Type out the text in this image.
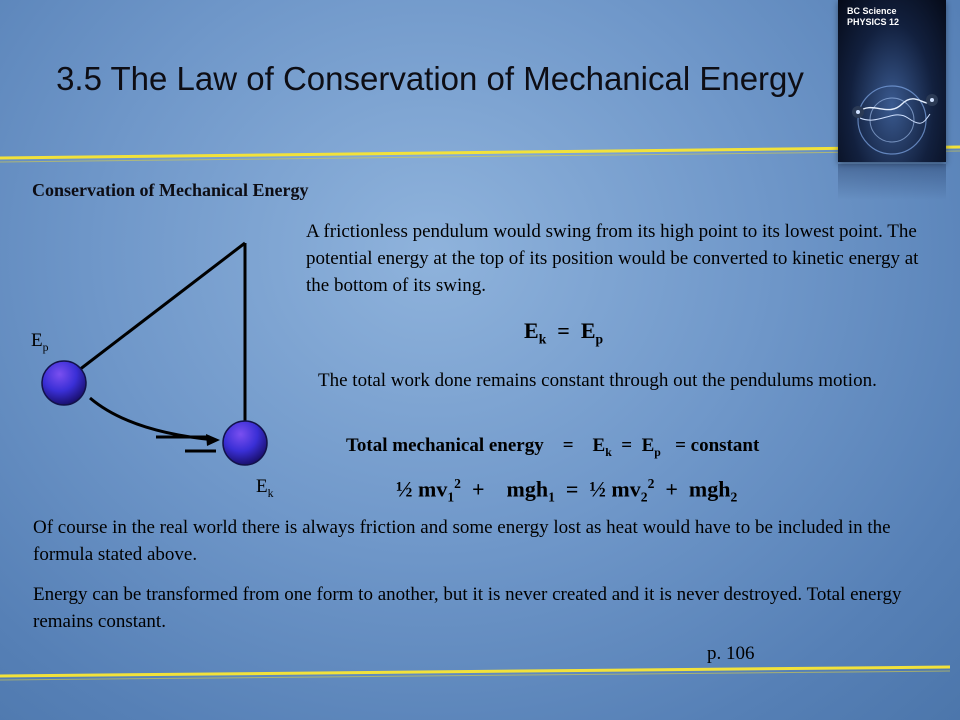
3.5 The Law of Conservation of Mechanical Energy
BC Science
PHYSICS 12
Conservation of Mechanical Energy
$E_p$
$E_k$
A frictionless pendulum would swing from its high point to its lowest point. The potential energy at the top of its position would be converted to kinetic energy at the bottom of its swing.
$E_k = E_p$
The total work done remains constant through out the pendulums motion.
Total mechanical energy = $E_k = E_p$ = constant
½ $mv_1^2 + mgh_1$ = ½ $mv_2^2 + mgh_2$
Of course in the real world there is always friction and some energy lost as heat would have to be included in the formula stated above.
Energy can be transformed from one form to another, but it is never created and it is never destroyed. Total energy remains constant.
p. 106
